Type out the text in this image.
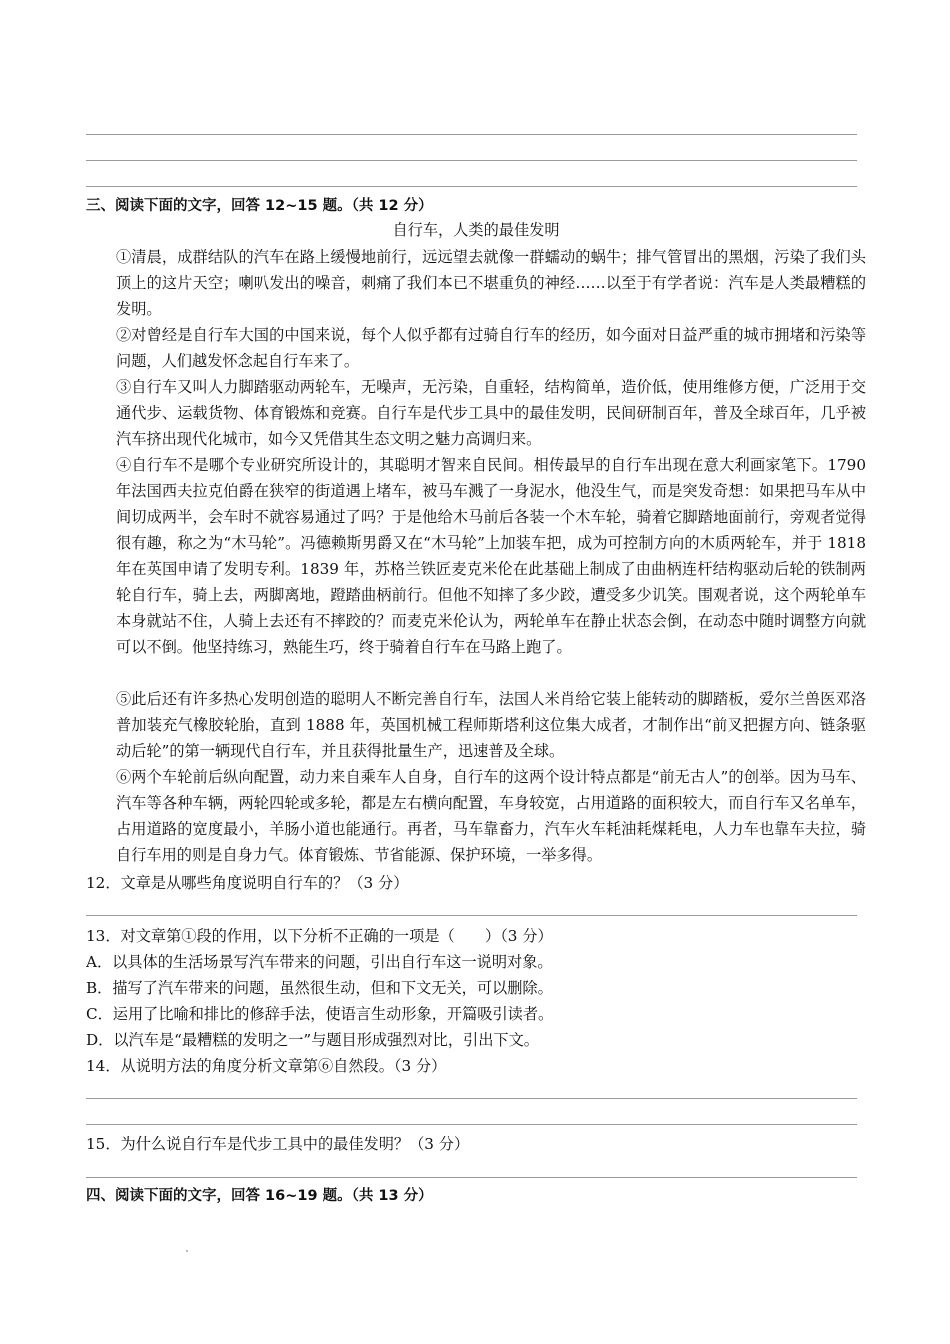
三、阅读下面的文字，回答 12~15 题。（共 12 分）
自行车，人类的最佳发明
①清晨，成群结队的汽车在路上缓慢地前行，远远望去就像一群蠕动的蜗牛；排气管冒出的黑烟，污染了我们头顶上的这片天空；喇叭发出的噪音，刺痛了我们本已不堪重负的神经……以至于有学者说：汽车是人类最糟糕的发明。
②对曾经是自行车大国的中国来说，每个人似乎都有过骑自行车的经历，如今面对日益严重的城市拥堵和污染等问题，人们越发怀念起自行车来了。
③自行车又叫人力脚踏驱动两轮车，无噪声，无污染，自重轻，结构简单，造价低，使用维修方便，广泛用于交通代步、运载货物、体育锻炼和竞赛。自行车是代步工具中的最佳发明，民间研制百年，普及全球百年，几乎被汽车挤出现代化城市，如今又凭借其生态文明之魅力高调归来。
④自行车不是哪个专业研究所设计的，其聪明才智来自民间。相传最早的自行车出现在意大利画家笔下。1790 年法国西夫拉克伯爵在狭窄的街道遇上堵车，被马车溅了一身泥水，他没生气，而是突发奇想：如果把马车从中间切成两半，会车时不就容易通过了吗？于是他给木马前后各装一个木车轮，骑着它脚踏地面前行，旁观者觉得很有趣，称之为“木马轮”。冯德赖斯男爵又在“木马轮”上加装车把，成为可控制方向的木质两轮车，并于 1818 年在英国申请了发明专利。1839 年，苏格兰铁匠麦克米伦在此基础上制成了由曲柄连杆结构驱动后轮的铁制两轮自行车，骑上去，两脚离地，蹬踏曲柄前行。但他不知摔了多少跤，遭受多少讥笑。围观者说，这个两轮单车本身就站不住，人骑上去还有不摔跤的？而麦克米伦认为，两轮单车在静止状态会倒，在动态中随时调整方向就可以不倒。他坚持练习，熟能生巧，终于骑着自行车在马路上跑了。
⑤此后还有许多热心发明创造的聪明人不断完善自行车，法国人米肖给它装上能转动的脚踏板，爱尔兰兽医邓洛普加装充气橡胶轮胎，直到 1888 年，英国机械工程师斯塔利这位集大成者，才制作出“前叉把握方向、链条驱动后轮”的第一辆现代自行车，并且获得批量生产，迅速普及全球。
⑥两个车轮前后纵向配置，动力来自乘车人自身，自行车的这两个设计特点都是“前无古人”的创举。因为马车、汽车等各种车辆，两轮四轮或多轮，都是左右横向配置，车身较宽，占用道路的面积较大，而自行车又名单车，占用道路的宽度最小，羊肠小道也能通行。再者，马车靠畜力，汽车火车耗油耗煤耗电，人力车也靠车夫拉，骑自行车用的则是自身力气。体育锻炼、节省能源、保护环境，一举多得。
12．文章是从哪些角度说明自行车的？（3 分）
13．对文章第①段的作用，以下分析不正确的一项是（　　）（3 分）
A．以具体的生活场景写汽车带来的问题，引出自行车这一说明对象。
B．描写了汽车带来的问题，虽然很生动，但和下文无关，可以删除。
C．运用了比喻和排比的修辞手法，使语言生动形象，开篇吸引读者。
D．以汽车是“最糟糕的发明之一”与题目形成强烈对比，引出下文。
14．从说明方法的角度分析文章第⑥自然段。（3 分）
15．为什么说自行车是代步工具中的最佳发明？（3 分）
四、阅读下面的文字，回答 16~19 题。（共 13 分）
